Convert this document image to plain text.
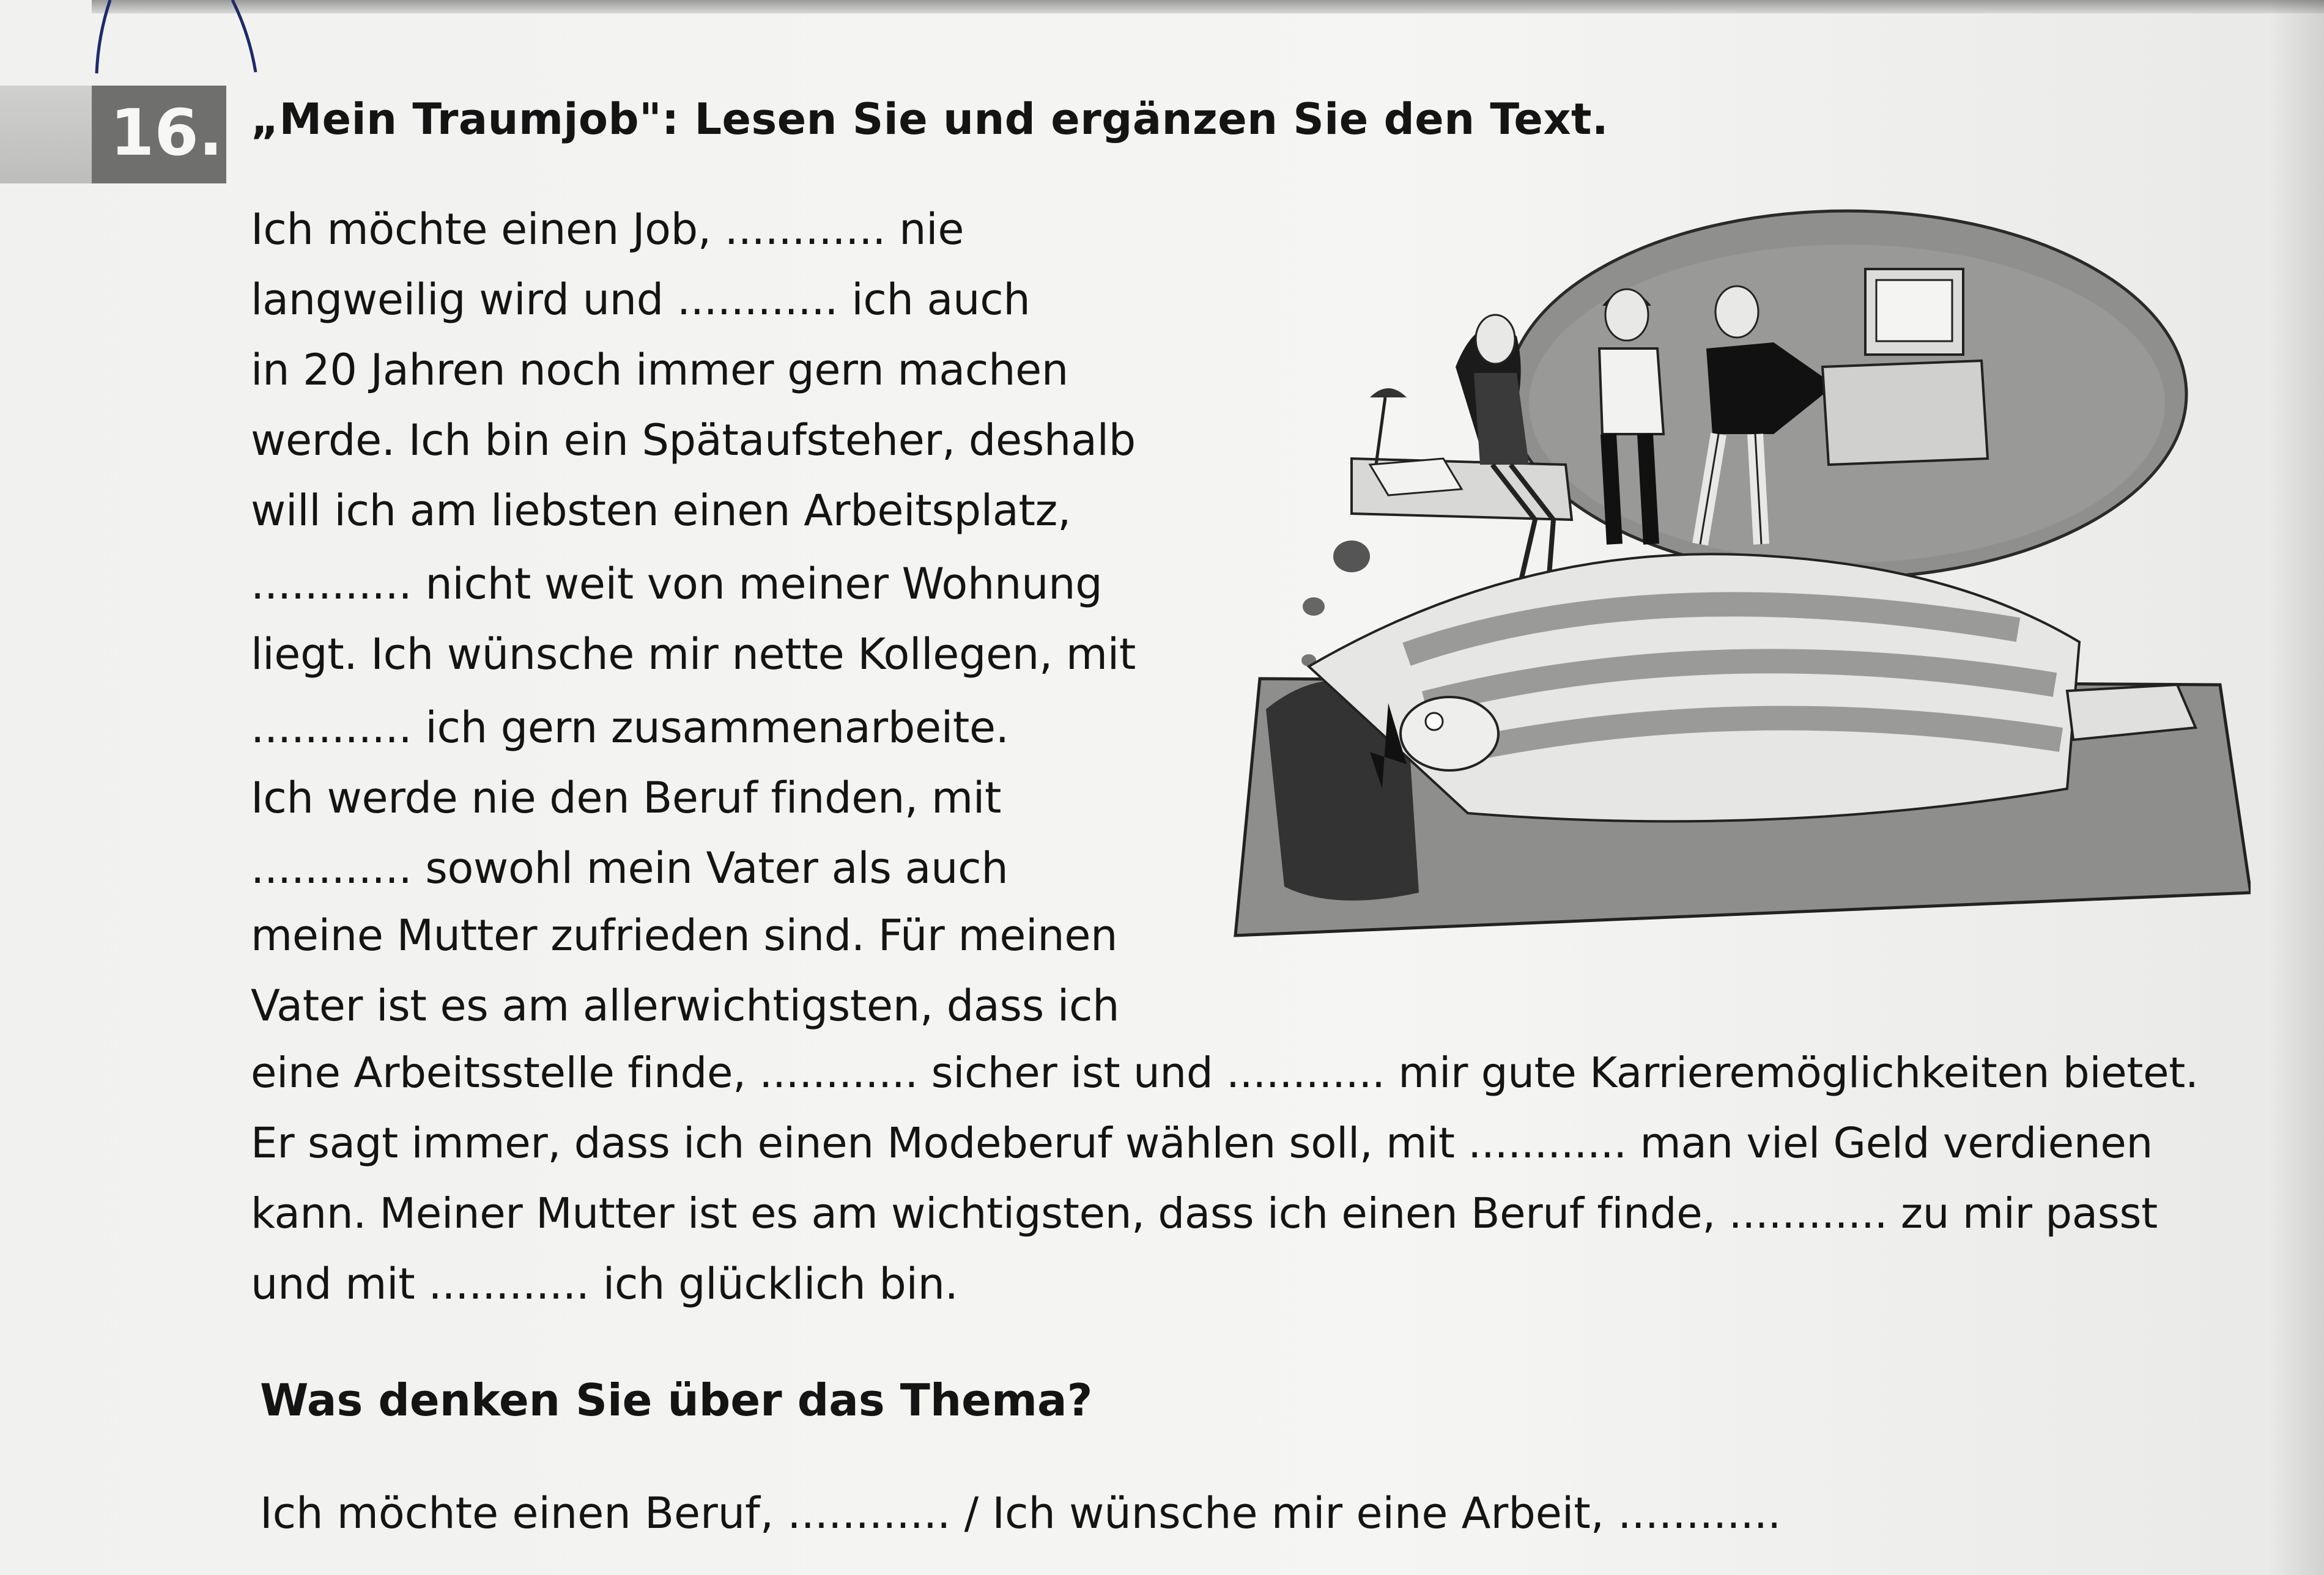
16. „Mein Traumjob": Lesen Sie und ergänzen Sie den Text.
Ich möchte einen Job, ............ nie
langweilig wird und ............ ich auch
in 20 Jahren noch immer gern machen
werde. Ich bin ein Spätaufsteher, deshalb
will ich am liebsten einen Arbeitsplatz,
............ nicht weit von meiner Wohnung
liegt. Ich wünsche mir nette Kollegen, mit
............ ich gern zusammenarbeite.
Ich werde nie den Beruf finden, mit
............ sowohl mein Vater als auch
meine Mutter zufrieden sind. Für meinen
Vater ist es am allerwichtigsten, dass ich
eine Arbeitsstelle finde, ............ sicher ist und ............ mir gute Karrieremöglichkeiten bietet.
Er sagt immer, dass ich einen Modeberuf wählen soll, mit ............ man viel Geld verdienen
kann. Meiner Mutter ist es am wichtigsten, dass ich einen Beruf finde, ............ zu mir passt
und mit ............ ich glücklich bin.
Was denken Sie über das Thema?
Ich möchte einen Beruf, ............ / Ich wünsche mir eine Arbeit, ............
